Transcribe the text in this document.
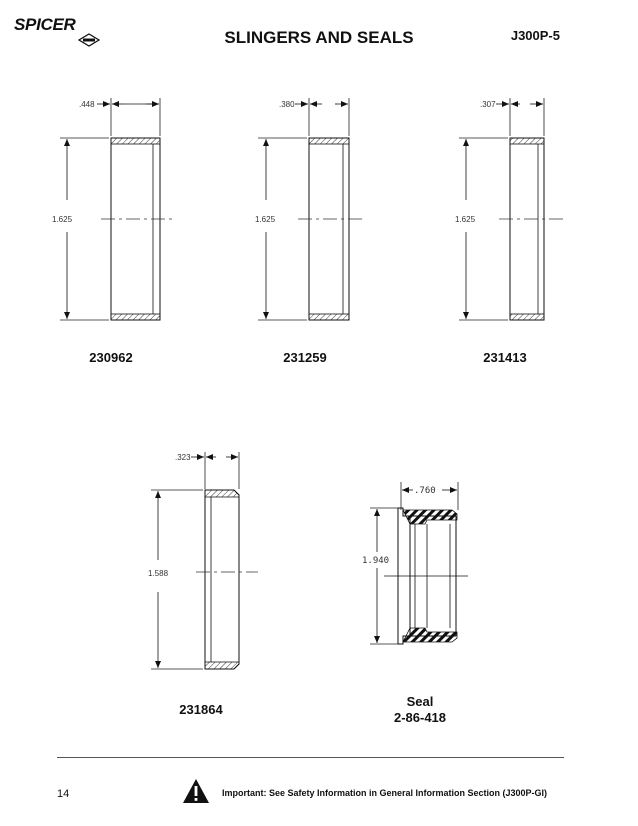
SPICER
SLINGERS AND SEALS	J300P-5
.448
1.625
.380
1.625
.307
1.625
.323
1.588
.760
1.940
230962	231259	231413
231864
Seal
2-86-418
14	Important: See Safety Information in General Information Section (J300P-GI)
